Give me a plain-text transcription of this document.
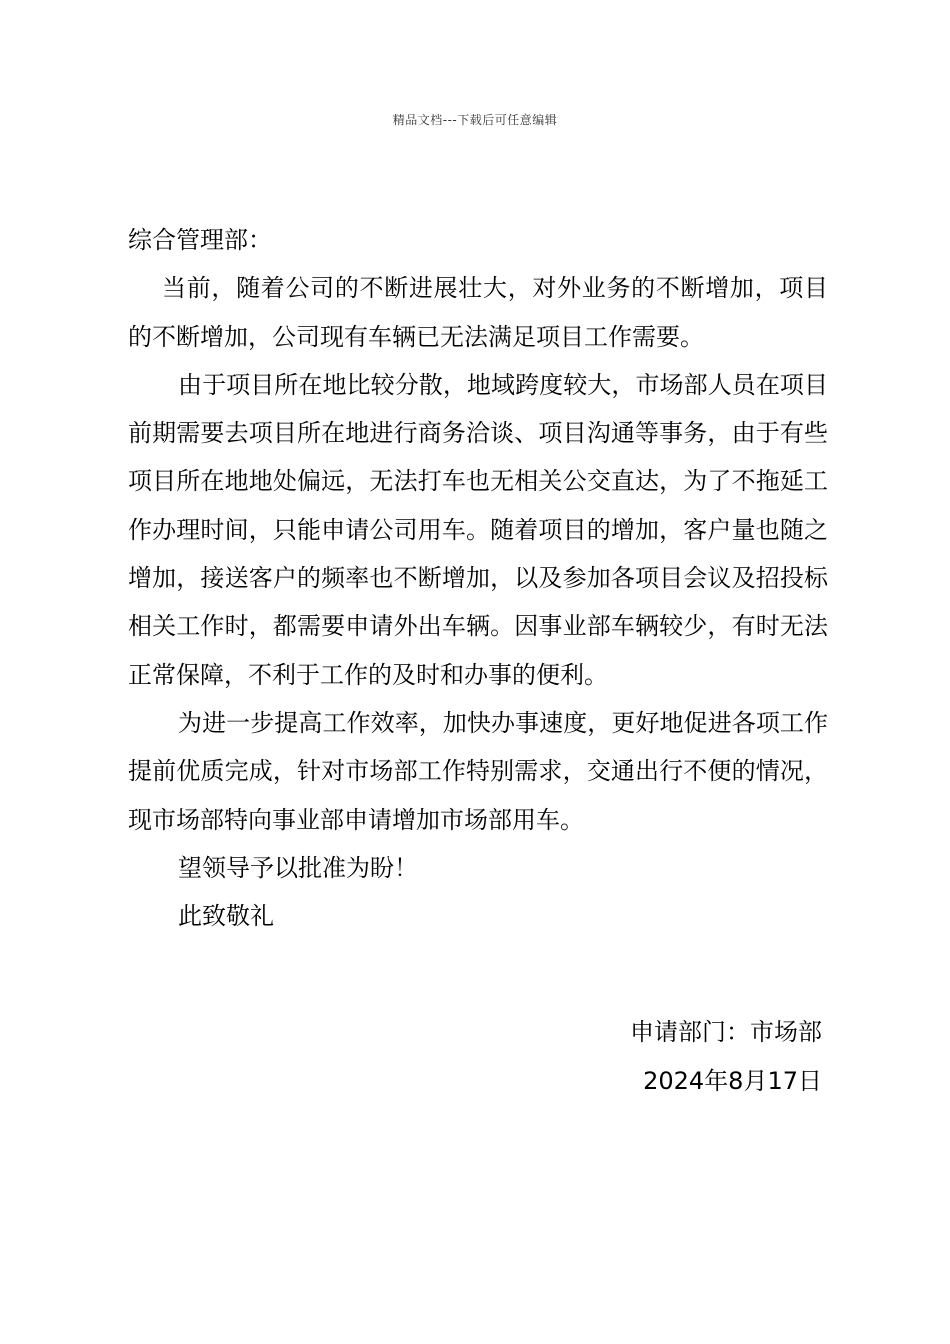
精品文档---下载后可任意编辑

综合管理部：

当前，随着公司的不断进展壮大，对外业务的不断增加，项目的不断增加，公司现有车辆已无法满足项目工作需要。

由于项目所在地比较分散，地域跨度较大，市场部人员在项目前期需要去项目所在地进行商务洽谈、项目沟通等事务，由于有些项目所在地地处偏远，无法打车也无相关公交直达，为了不拖延工作办理时间，只能申请公司用车。随着项目的增加，客户量也随之增加，接送客户的频率也不断增加，以及参加各项目会议及招投标相关工作时，都需要申请外出车辆。因事业部车辆较少，有时无法正常保障，不利于工作的及时和办事的便利。

为进一步提高工作效率，加快办事速度，更好地促进各项工作提前优质完成，针对市场部工作特别需求，交通出行不便的情况，现市场部特向事业部申请增加市场部用车。

望领导予以批准为盼！

此致敬礼

申请部门：市场部
2024年8月17日
